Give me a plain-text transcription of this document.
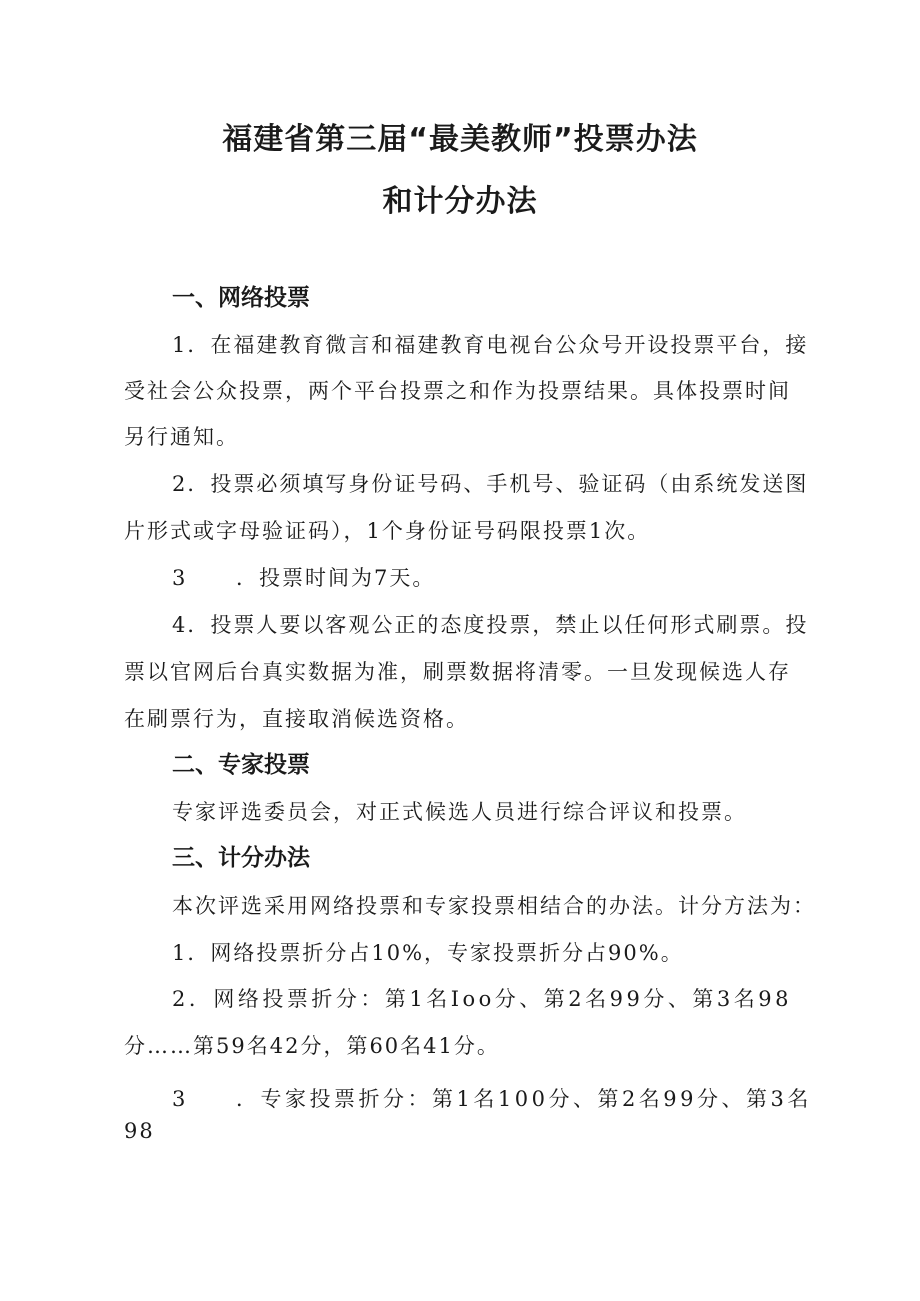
福建省第三届“最美教师”投票办法
和计分办法
一、网络投票
1．在福建教育微言和福建教育电视台公众号开设投票平台，接
受社会公众投票，两个平台投票之和作为投票结果。具体投票时间
另行通知。
2．投票必须填写身份证号码、手机号、验证码（由系统发送图
片形式或字母验证码），1个身份证号码限投票1次。
3 ．投票时间为7天。
4．投票人要以客观公正的态度投票，禁止以任何形式刷票。投
票以官网后台真实数据为准，刷票数据将清零。一旦发现候选人存
在刷票行为，直接取消候选资格。
二、专家投票
专家评选委员会，对正式候选人员进行综合评议和投票。
三、计分办法
本次评选采用网络投票和专家投票相结合的办法。计分方法为：
1．网络投票折分占10%，专家投票折分占90%。
2．网络投票折分：第1名Ioo分、第2名99分、第3名98
分……第59名42分，第60名41分。
3 ．专家投票折分：第1名100分、第2名99分、第3名
98
